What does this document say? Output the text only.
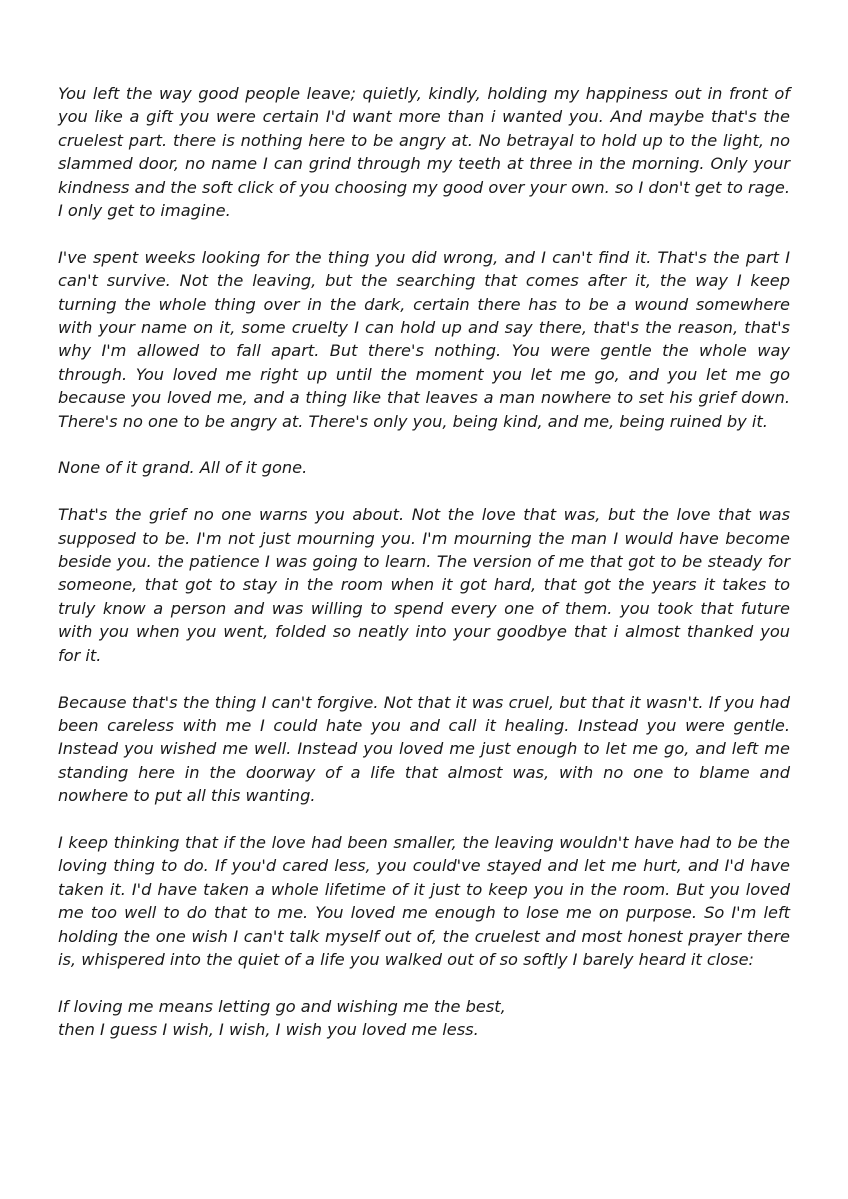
You left the way good people leave; quietly, kindly, holding my happiness out in front of you like a gift you were certain I'd want more than i wanted you. And maybe that's the cruelest part. there is nothing here to be angry at. No betrayal to hold up to the light, no slammed door, no name I can grind through my teeth at three in the morning. Only your kindness and the soft click of you choosing my good over your own. so I don't get to rage. I only get to imagine.

I've spent weeks looking for the thing you did wrong, and I can't find it. That's the part I can't survive. Not the leaving, but the searching that comes after it, the way I keep turning the whole thing over in the dark, certain there has to be a wound somewhere with your name on it, some cruelty I can hold up and say there, that's the reason, that's why I'm allowed to fall apart. But there's nothing. You were gentle the whole way through. You loved me right up until the moment you let me go, and you let me go because you loved me, and a thing like that leaves a man nowhere to set his grief down. There's no one to be angry at. There's only you, being kind, and me, being ruined by it.

None of it grand. All of it gone.

That's the grief no one warns you about. Not the love that was, but the love that was supposed to be. I'm not just mourning you. I'm mourning the man I would have become beside you. the patience I was going to learn. The version of me that got to be steady for someone, that got to stay in the room when it got hard, that got the years it takes to truly know a person and was willing to spend every one of them. you took that future with you when you went, folded so neatly into your goodbye that i almost thanked you for it.

Because that's the thing I can't forgive. Not that it was cruel, but that it wasn't. If you had been careless with me I could hate you and call it healing. Instead you were gentle. Instead you wished me well. Instead you loved me just enough to let me go, and left me standing here in the doorway of a life that almost was, with no one to blame and nowhere to put all this wanting.

I keep thinking that if the love had been smaller, the leaving wouldn't have had to be the loving thing to do. If you'd cared less, you could've stayed and let me hurt, and I'd have taken it. I'd have taken a whole lifetime of it just to keep you in the room. But you loved me too well to do that to me. You loved me enough to lose me on purpose. So I'm left holding the one wish I can't talk myself out of, the cruelest and most honest prayer there is, whispered into the quiet of a life you walked out of so softly I barely heard it close:

If loving me means letting go and wishing me the best,
then I guess I wish, I wish, I wish you loved me less.
